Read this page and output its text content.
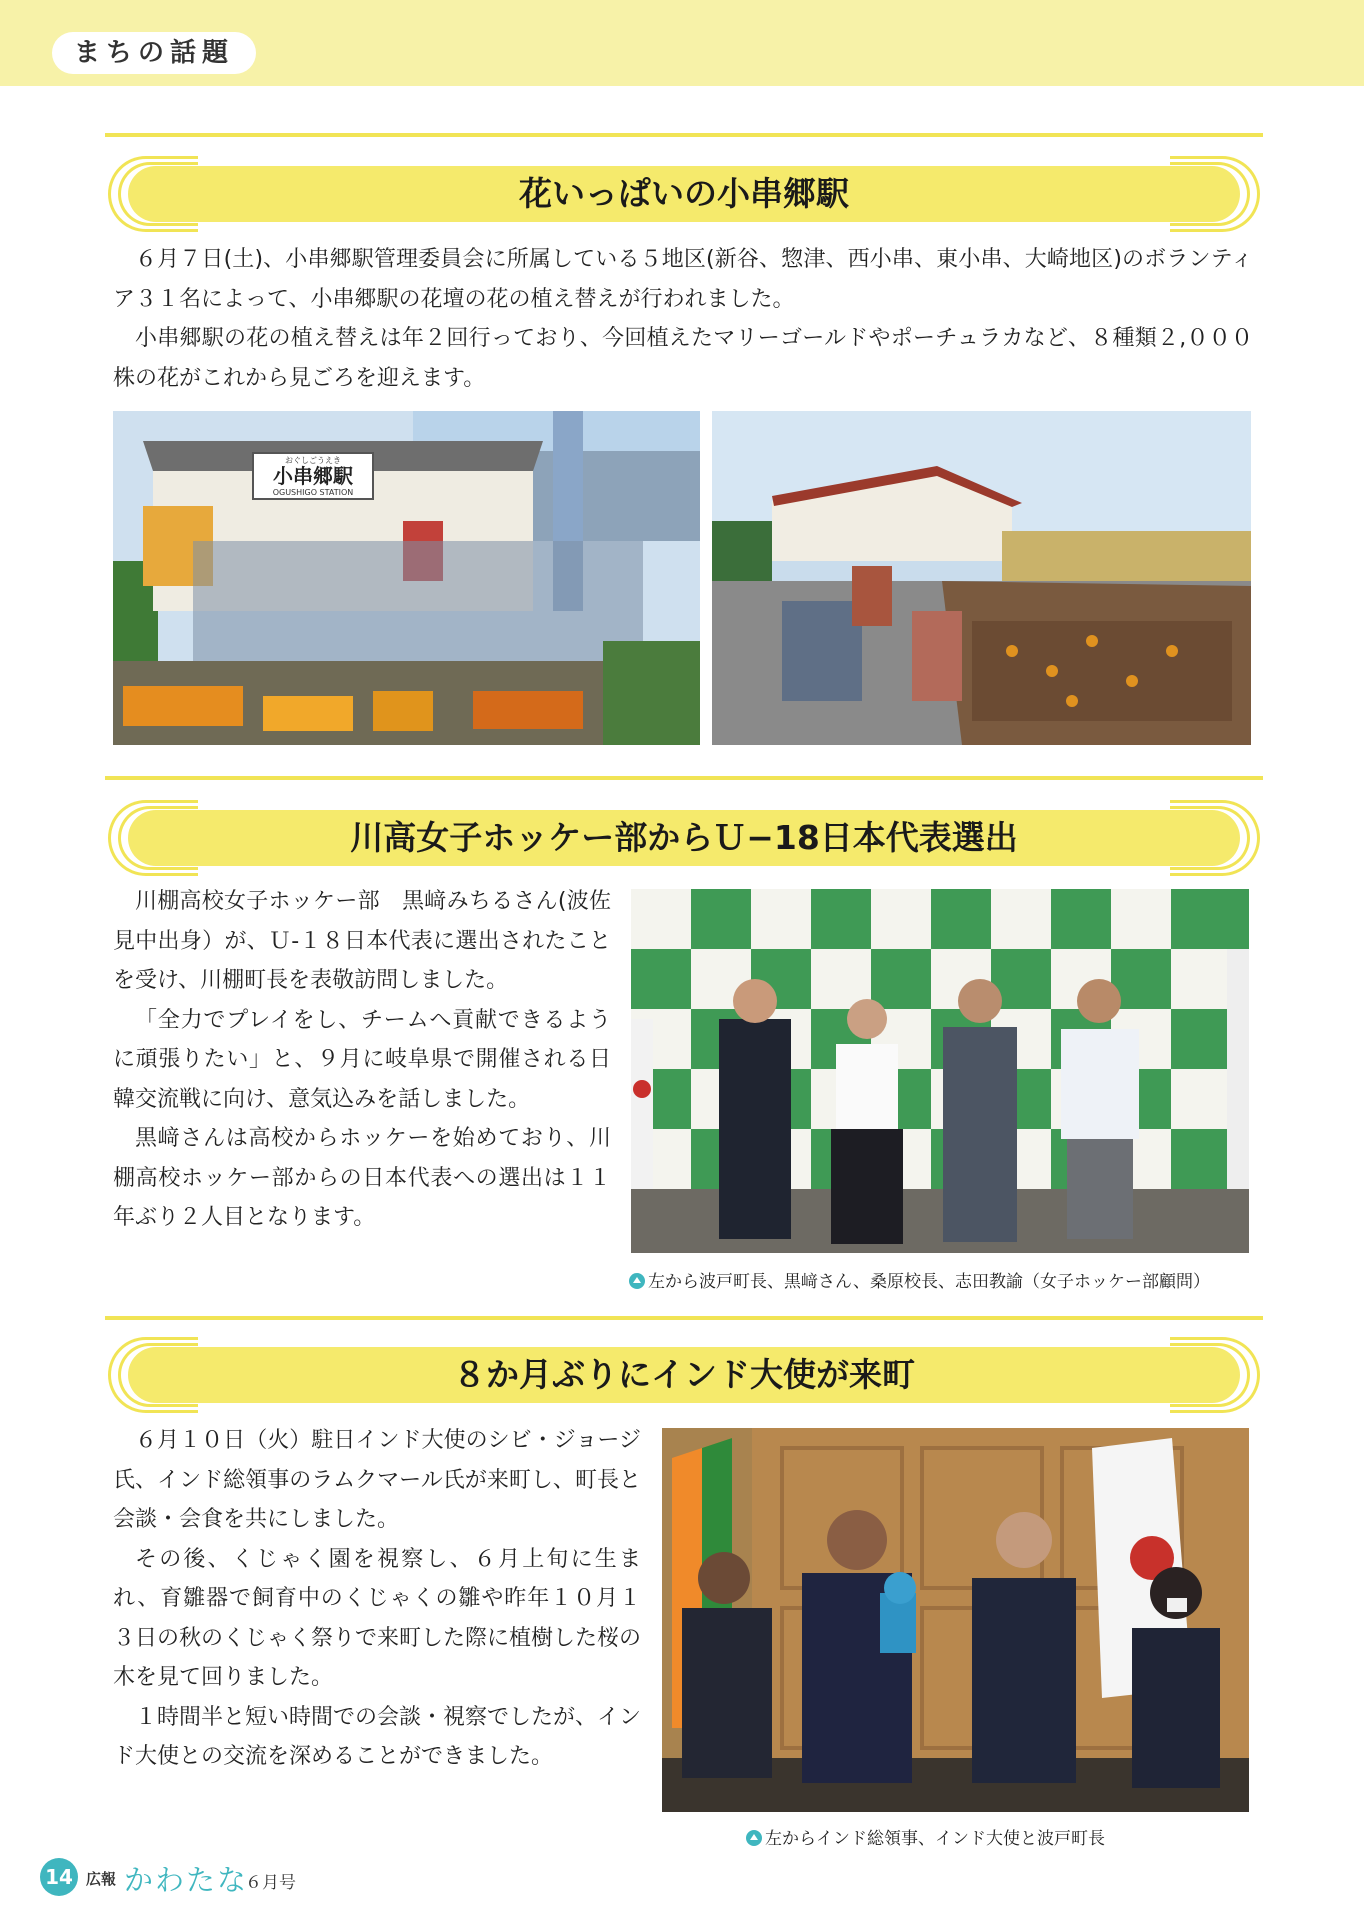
まちの話題
花いっぱいの小串郷駅

６月７日(土)、小串郷駅管理委員会に所属している５地区(新谷、惣津、西小串、東小串、大崎地区)のボランティア３１名によって、小串郷駅の花壇の花の植え替えが行われました。

小串郷駅の花の植え替えは年２回行っており、今回植えたマリーゴールドやポーチュラカなど、８種類２,０００株の花がこれから見ごろを迎えます。

おぐしごうえき
小串郷駅
OGUSHIGO STATION
川高女子ホッケー部からＵ−18日本代表選出

川棚高校女子ホッケー部　黒﨑みちるさん(波佐見中出身）が、Ｕ‐１８日本代表に選出されたことを受け、川棚町長を表敬訪問しました。

「全力でプレイをし、チームへ貢献できるように頑張りたい」と、９月に岐阜県で開催される日韓交流戦に向け、意気込みを話しました。

黒﨑さんは高校からホッケーを始めており、川棚高校ホッケー部からの日本代表への選出は１１年ぶり２人目となります。

左から波戸町長、黒﨑さん、桑原校長、志田教諭（女子ホッケー部顧問）
８か月ぶりにインド大使が来町

６月１０日（火）駐日インド大使のシビ・ジョージ氏、インド総領事のラムクマール氏が来町し、町長と会談・会食を共にしました。

その後、くじゃく園を視察し、６月上旬に生まれ、育雛器で飼育中のくじゃくの雛や昨年１０月１３日の秋のくじゃく祭りで来町した際に植樹した桜の木を見て回りました。

１時間半と短い時間での会談・視察でしたが、インド大使との交流を深めることができました。

左からインド総領事、インド大使と波戸町長
14 広報 かわたな
６月号
